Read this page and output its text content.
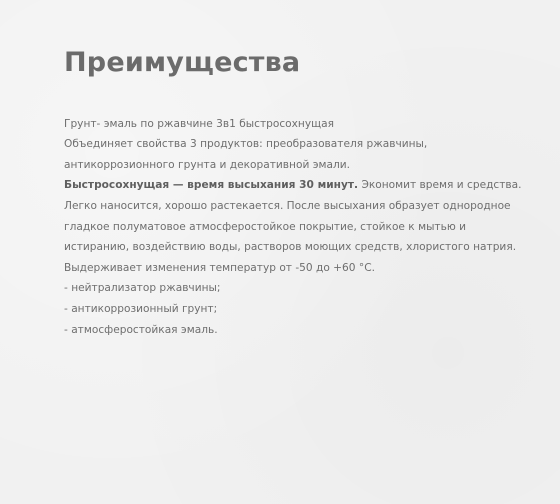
Преимущества

Грунт- эмаль по ржавчине 3в1 быстросохнущая

Объединяет свойства 3 продуктов: преобразователя ржавчины,

антикоррозионного грунта и декоративной эмали.

Быстросохнущая — время высыхания 30 минут. Экономит время и средства.

Легко наносится, хорошо растекается. После высыхания образует однородное

гладкое полуматовое атмосферостойкое покрытие, стойкое к мытью и

истиранию, воздействию воды, растворов моющих средств, хлористого натрия.

Выдерживает изменения температур от -50 до +60 °С.

- нейтрализатор ржавчины;

- антикоррозионный грунт;

- атмосферостойкая эмаль.
